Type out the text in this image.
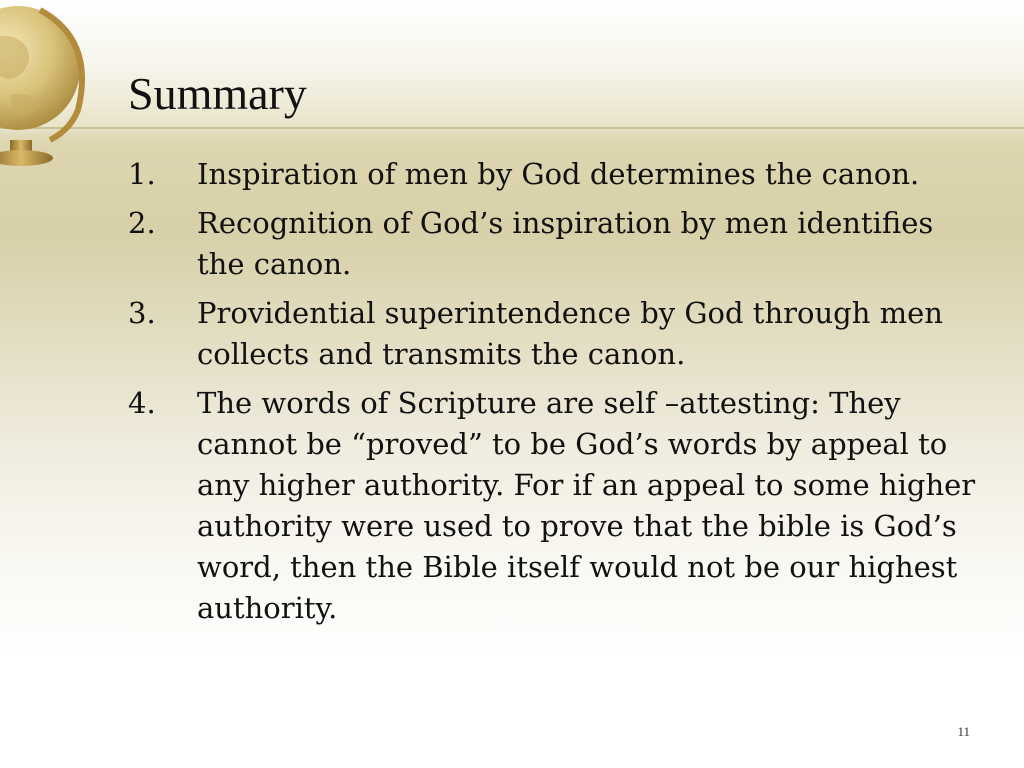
Summary
1. Inspiration of men by God determines the canon.
2. Recognition of God’s inspiration by men identifies the canon.
3. Providential superintendence by God through men collects and transmits the canon.
4. The words of Scripture are self –attesting: They cannot be “proved” to be God’s words by appeal to any higher authority. For if an appeal to some higher authority were used to prove that the bible is God’s word, then the Bible itself would not be our highest authority.
11
